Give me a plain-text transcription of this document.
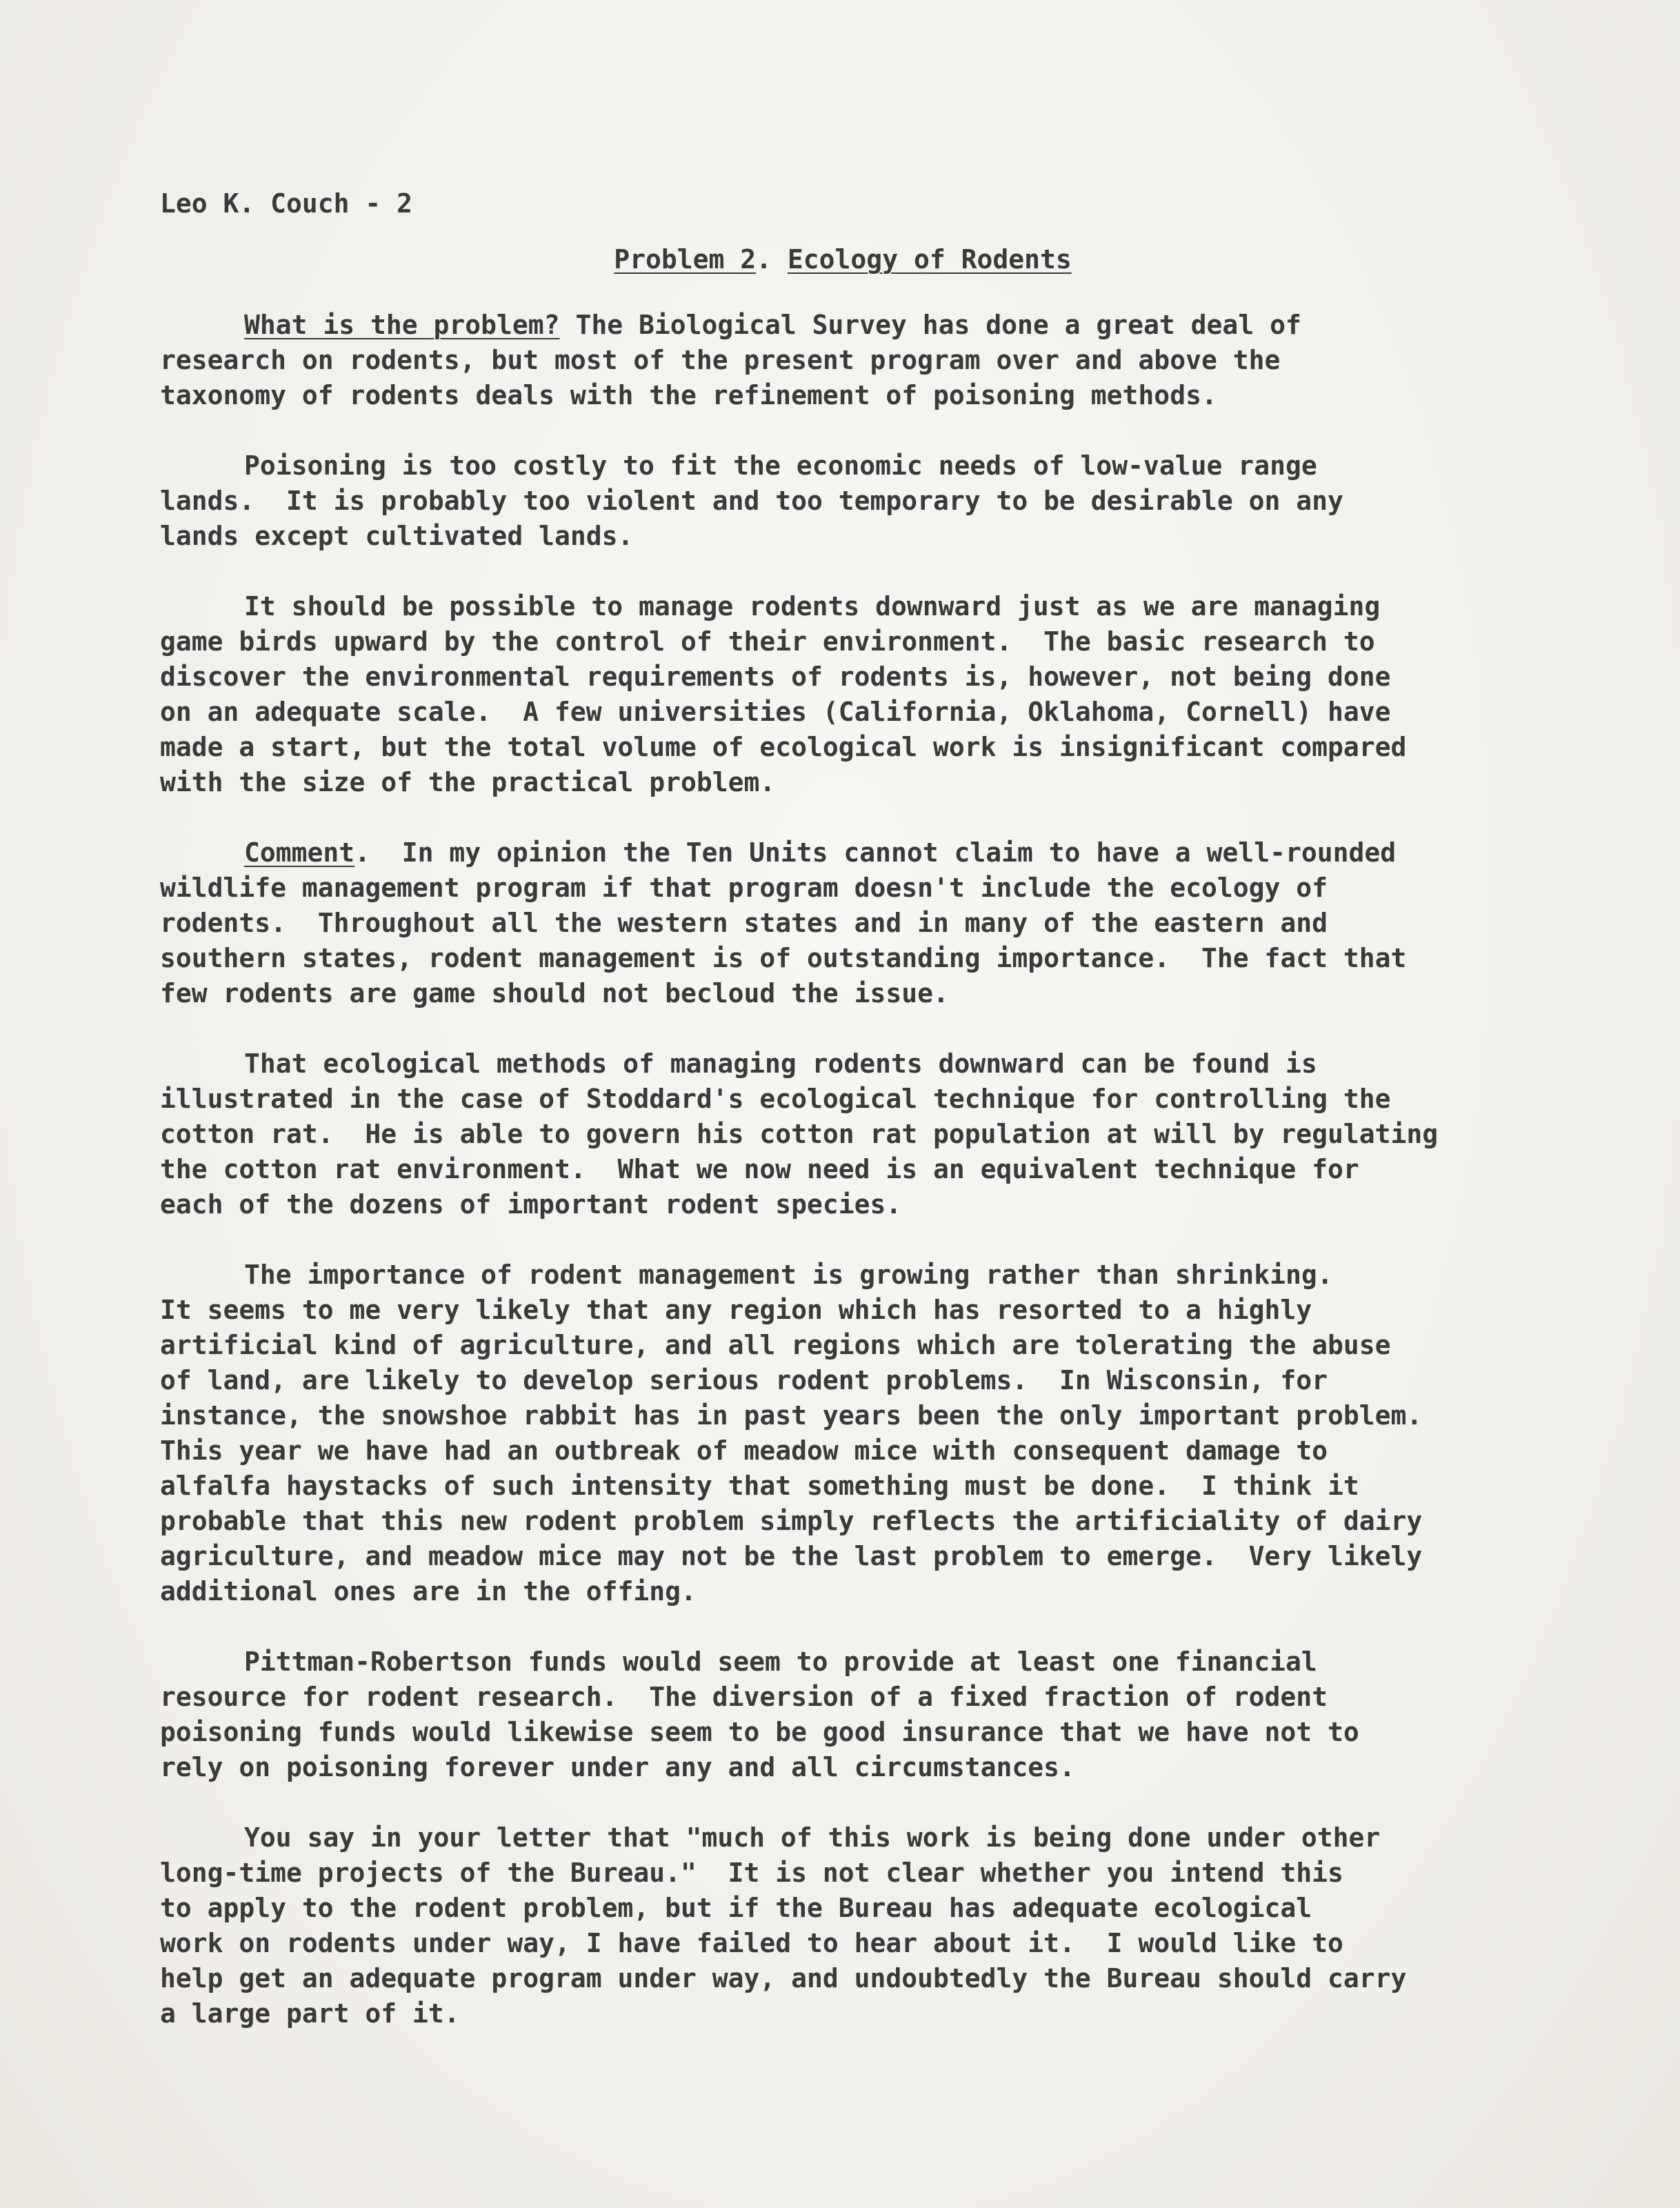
Leo K. Couch - 2
Problem 2. Ecology of Rodents
What is the problem? The Biological Survey has done a great deal of
research on rodents, but most of the present program over and above the
taxonomy of rodents deals with the refinement of poisoning methods.
Poisoning is too costly to fit the economic needs of low-value range
lands.  It is probably too violent and too temporary to be desirable on any
lands except cultivated lands.
It should be possible to manage rodents downward just as we are managing
game birds upward by the control of their environment.  The basic research to
discover the environmental requirements of rodents is, however, not being done
on an adequate scale.  A few universities (California, Oklahoma, Cornell) have
made a start, but the total volume of ecological work is insignificant compared
with the size of the practical problem.
Comment.  In my opinion the Ten Units cannot claim to have a well-rounded
wildlife management program if that program doesn't include the ecology of
rodents.  Throughout all the western states and in many of the eastern and
southern states, rodent management is of outstanding importance.  The fact that
few rodents are game should not becloud the issue.
That ecological methods of managing rodents downward can be found is
illustrated in the case of Stoddard's ecological technique for controlling the
cotton rat.  He is able to govern his cotton rat population at will by regulating
the cotton rat environment.  What we now need is an equivalent technique for
each of the dozens of important rodent species.
The importance of rodent management is growing rather than shrinking.
It seems to me very likely that any region which has resorted to a highly
artificial kind of agriculture, and all regions which are tolerating the abuse
of land, are likely to develop serious rodent problems.  In Wisconsin, for
instance, the snowshoe rabbit has in past years been the only important problem.
This year we have had an outbreak of meadow mice with consequent damage to
alfalfa haystacks of such intensity that something must be done.  I think it
probable that this new rodent problem simply reflects the artificiality of dairy
agriculture, and meadow mice may not be the last problem to emerge.  Very likely
additional ones are in the offing.
Pittman-Robertson funds would seem to provide at least one financial
resource for rodent research.  The diversion of a fixed fraction of rodent
poisoning funds would likewise seem to be good insurance that we have not to
rely on poisoning forever under any and all circumstances.
You say in your letter that "much of this work is being done under other
long-time projects of the Bureau."  It is not clear whether you intend this
to apply to the rodent problem, but if the Bureau has adequate ecological
work on rodents under way, I have failed to hear about it.  I would like to
help get an adequate program under way, and undoubtedly the Bureau should carry
a large part of it.
